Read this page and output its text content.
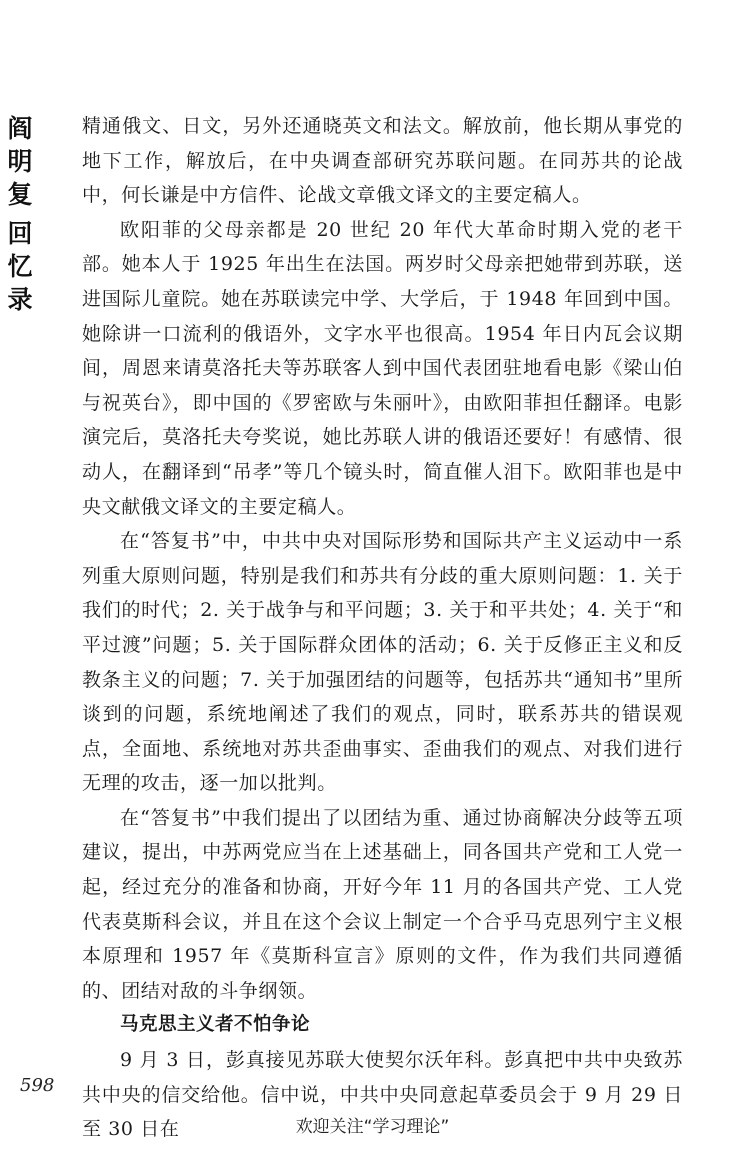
阎
明
复
回
忆
录

精通俄文、日文，另外还通晓英文和法文。解放前，他长期从事党的地下工作，解放后，在中央调查部研究苏联问题。在同苏共的论战中，何长谦是中方信件、论战文章俄文译文的主要定稿人。

欧阳菲的父母亲都是 20 世纪 20 年代大革命时期入党的老干部。她本人于 1925 年出生在法国。两岁时父母亲把她带到苏联，送进国际儿童院。她在苏联读完中学、大学后，于 1948 年回到中国。她除讲一口流利的俄语外，文字水平也很高。1954 年日内瓦会议期间，周恩来请莫洛托夫等苏联客人到中国代表团驻地看电影《梁山伯与祝英台》，即中国的《罗密欧与朱丽叶》，由欧阳菲担任翻译。电影演完后，莫洛托夫夸奖说，她比苏联人讲的俄语还要好！有感情、很动人，在翻译到“吊孝”等几个镜头时，简直催人泪下。欧阳菲也是中央文献俄文译文的主要定稿人。

在“答复书”中，中共中央对国际形势和国际共产主义运动中一系列重大原则问题，特别是我们和苏共有分歧的重大原则问题：1. 关于我们的时代；2. 关于战争与和平问题；3. 关于和平共处；4. 关于“和平过渡”问题；5. 关于国际群众团体的活动；6. 关于反修正主义和反教条主义的问题；7. 关于加强团结的问题等，包括苏共“通知书”里所谈到的问题，系统地阐述了我们的观点，同时，联系苏共的错误观点，全面地、系统地对苏共歪曲事实、歪曲我们的观点、对我们进行无理的攻击，逐一加以批判。

在“答复书”中我们提出了以团结为重、通过协商解决分歧等五项建议，提出，中苏两党应当在上述基础上，同各国共产党和工人党一起，经过充分的准备和协商，开好今年 11 月的各国共产党、工人党代表莫斯科会议，并且在这个会议上制定一个合乎马克思列宁主义根本原理和 1957 年《莫斯科宣言》原则的文件，作为我们共同遵循的、团结对敌的斗争纲领。

马克思主义者不怕争论

9 月 3 日，彭真接见苏联大使契尔沃年科。彭真把中共中央致苏共中央的信交给他。信中说，中共中央同意起草委员会于 9 月 29 日至 30 日在

598
欢迎关注“学习理论”
